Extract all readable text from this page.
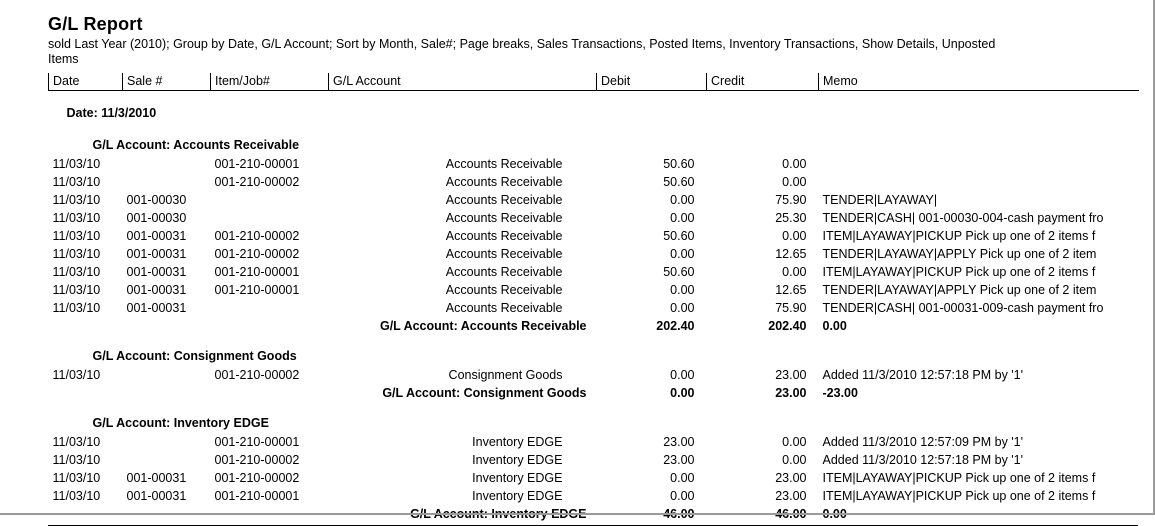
G/L Report
sold Last Year (2010); Group by Date, G/L Account; Sort by Month, Sale#; Page breaks, Sales Transactions, Posted Items, Inventory Transactions, Show Details, Unposted Items
Date	Sale #	Item/Job#	G/L Account	Debit	Credit	Memo

Date: 11/3/2010						

G/L Account: Accounts Receivable						
11/03/10		001-210-00001	Accounts Receivable	50.60	0.00	
11/03/10		001-210-00002	Accounts Receivable	50.60	0.00	
11/03/10	001-00030		Accounts Receivable	0.00	75.90	TENDER|LAYAWAY|
11/03/10	001-00030		Accounts Receivable	0.00	25.30	TENDER|CASH| 001-00030-004-cash payment fro
11/03/10	001-00031	001-210-00002	Accounts Receivable	50.60	0.00	ITEM|LAYAWAY|PICKUP Pick up one of 2 items f
11/03/10	001-00031	001-210-00002	Accounts Receivable	0.00	12.65	TENDER|LAYAWAY|APPLY Pick up one of 2 item
11/03/10	001-00031	001-210-00001	Accounts Receivable	50.60	0.00	ITEM|LAYAWAY|PICKUP Pick up one of 2 items f
11/03/10	001-00031	001-210-00001	Accounts Receivable	0.00	12.65	TENDER|LAYAWAY|APPLY Pick up one of 2 item
11/03/10	001-00031		Accounts Receivable	0.00	75.90	TENDER|CASH| 001-00031-009-cash payment fro
G/L Account: Accounts Receivable				202.40	202.40	0.00

G/L Account: Consignment Goods						
11/03/10		001-210-00002	Consignment Goods	0.00	23.00	Added 11/3/2010 12:57:18 PM by '1'
G/L Account: Consignment Goods				0.00	23.00	-23.00

G/L Account: Inventory EDGE						
11/03/10		001-210-00001	Inventory EDGE	23.00	0.00	Added 11/3/2010 12:57:09 PM by '1'
11/03/10		001-210-00002	Inventory EDGE	23.00	0.00	Added 11/3/2010 12:57:18 PM by '1'
11/03/10	001-00031	001-210-00002	Inventory EDGE	0.00	23.00	ITEM|LAYAWAY|PICKUP Pick up one of 2 items f
11/03/10	001-00031	001-210-00001	Inventory EDGE	0.00	23.00	ITEM|LAYAWAY|PICKUP Pick up one of 2 items f
G/L Account: Inventory EDGE				46.00	46.00	0.00
